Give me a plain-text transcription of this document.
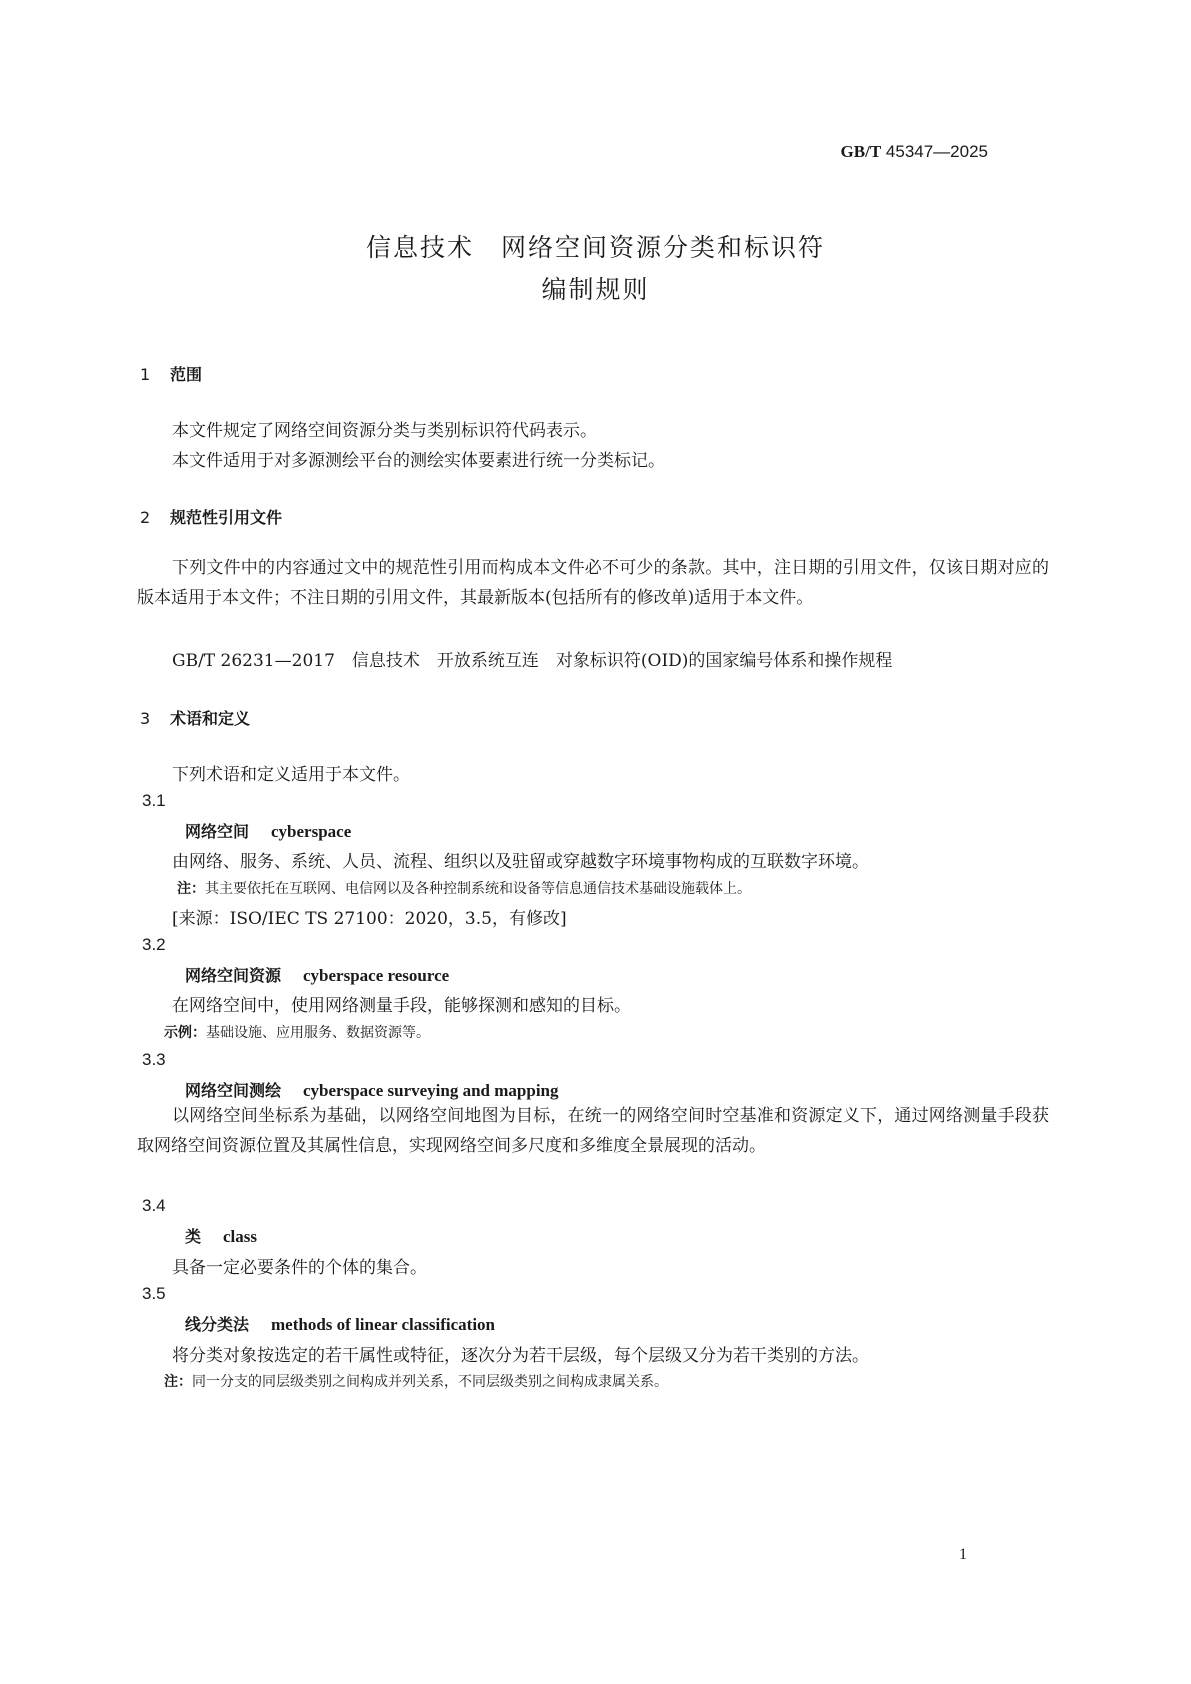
GB/T 45347—2025
信息技术　网络空间资源分类和标识符
编制规则
1 范围
本文件规定了网络空间资源分类与类别标识符代码表示。
本文件适用于对多源测绘平台的测绘实体要素进行统一分类标记。
2 规范性引用文件
下列文件中的内容通过文中的规范性引用而构成本文件必不可少的条款。其中，注日期的引用文件，仅该日期对应的版本适用于本文件；不注日期的引用文件，其最新版本(包括所有的修改单)适用于本文件。
GB/T 26231—2017　信息技术　开放系统互连　对象标识符(OID)的国家编号体系和操作规程
3 术语和定义
下列术语和定义适用于本文件。
3.1
网络空间 cyberspace
由网络、服务、系统、人员、流程、组织以及驻留或穿越数字环境事物构成的互联数字环境。
注：其主要依托在互联网、电信网以及各种控制系统和设备等信息通信技术基础设施载体上。
[来源：ISO/IEC TS 27100：2020，3.5，有修改]
3.2
网络空间资源 cyberspace resource
在网络空间中，使用网络测量手段，能够探测和感知的目标。
示例：基础设施、应用服务、数据资源等。
3.3
网络空间测绘 cyberspace surveying and mapping
以网络空间坐标系为基础，以网络空间地图为目标，在统一的网络空间时空基准和资源定义下，通过网络测量手段获取网络空间资源位置及其属性信息，实现网络空间多尺度和多维度全景展现的活动。
3.4
类 class
具备一定必要条件的个体的集合。
3.5
线分类法 methods of linear classification
将分类对象按选定的若干属性或特征，逐次分为若干层级，每个层级又分为若干类别的方法。
注：同一分支的同层级类别之间构成并列关系，不同层级类别之间构成隶属关系。
1
